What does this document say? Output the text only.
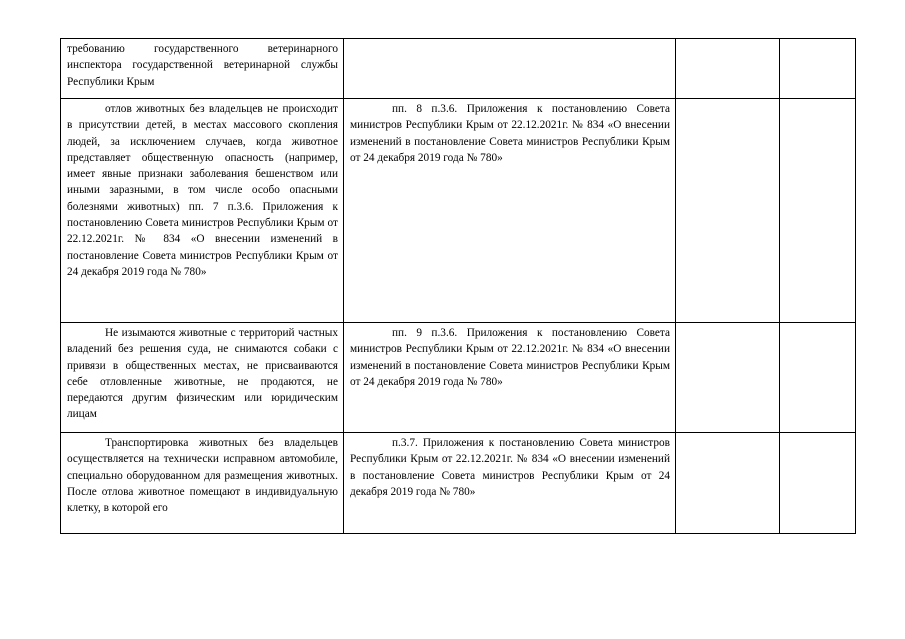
требованию государственного ветеринарного инспектора государственной ветеринарной службы Республики Крым			
отлов животных без владельцев не происходит в присутствии детей, в местах массового скопления людей, за исключением случаев, когда животное представляет общественную опасность (например, имеет явные признаки заболевания бешенством или иными заразными, в том числе особо опасными болезнями животных) пп. 7 п.3.6. Приложения к постановлению Совета министров Республики Крым от 22.12.2021г. № 834 «О внесении изменений в постановление Совета министров Республики Крым от 24 декабря 2019 года № 780»	пп. 8 п.3.6. Приложения к постановлению Совета министров Республики Крым от 22.12.2021г. № 834 «О внесении изменений в постановление Совета министров Республики Крым от 24 декабря 2019 года № 780»		
Не изымаются животные с территорий частных владений без решения суда, не снимаются собаки с привязи в общественных местах, не присваиваются себе отловленные животные, не продаются, не передаются другим физическим или юридическим лицам	пп. 9 п.3.6. Приложения к постановлению Совета министров Республики Крым от 22.12.2021г. № 834 «О внесении изменений в постановление Совета министров Республики Крым от 24 декабря 2019 года № 780»		
Транспортировка животных без владельцев осуществляется на технически исправном автомобиле, специально оборудованном для размещения животных. После отлова животное помещают в индивидуальную клетку, в которой его	п.3.7. Приложения к постановлению Совета министров Республики Крым от 22.12.2021г. № 834 «О внесении изменений в постановление Совета министров Республики Крым от 24 декабря 2019 года № 780»		
